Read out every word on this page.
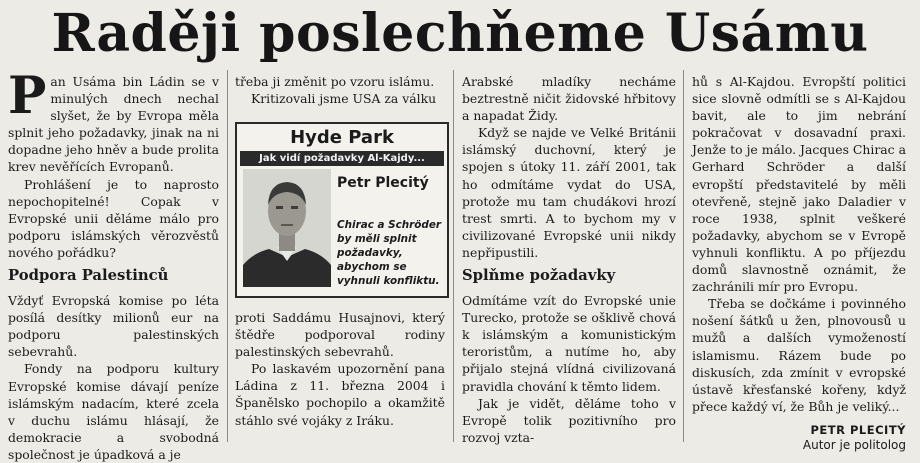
Raději poslechňeme Usámu

Pan Usáma bin Ládin se v minulých dnech nechal slyšet, že by Evropa měla splnit jeho požadavky, jinak na ni dopadne jeho hněv a bude prolita krev nevěřících Evropanů.

Prohlášení je to naprosto nepochopitelné! Copak v Evropské unii děláme málo pro podporu islámských věrozvěstů nového pořádku?

Podpora Palestinců

Vždyť Evropská komise po léta posílá desítky milionů eur na podporu palestinských sebevrahů.

Fondy na podporu kultury Evropské komise dávají peníze islámským nadacím, které zcela v duchu islámu hlásají, že demokracie a svobodná společnost je úpadková a je

třeba ji změnit po vzoru islámu.

Kritizovali jsme USA za válku

Hyde Park
Jak vidí požadavky Al-Kajdy...
Petr Plecitý
Chirac a Schröder by měli splnit požadavky, abychom se vyhnuli konfliktu.

proti Saddámu Husajnovi, který štědře podporoval rodiny palestinských sebevrahů.

Po laskavém upozornění pana Ládina z 11. března 2004 i Španělsko pochopilo a okamžitě stáhlo své vojáky z Iráku.

Arabské mladíky necháme beztrestně ničit židovské hřbitovy a napadat Židy.

Když se najde ve Velké Británii islámský duchovní, který je spojen s útoky 11. září 2001, tak ho odmítáme vydat do USA, protože mu tam chudákovi hrozí trest smrti. A to bychom my v civilizované Evropské unii nikdy nepřipustili.

Splňme požadavky

Odmítáme vzít do Evropské unie Turecko, protože se ošklivě chová k islámským a komunistickým teroristům, a nutíme ho, aby přijalo stejná vlídná civilizovaná pravidla chování k těmto lidem.

Jak je vidět, děláme toho v Evropě tolik pozitivního pro rozvoj vzta-

hů s Al-Kajdou. Evropští politici sice slovně odmítli se s Al-Kajdou bavit, ale to jim nebrání pokračovat v dosavadní praxi. Jenže to je málo. Jacques Chirac a Gerhard Schröder a další evropští představitelé by měli otevřeně, stejně jako Daladier v roce 1938, splnit veškeré požadavky, abychom se v Evropě vyhnuli konfliktu. A po příjezdu domů slavnostně oznámit, že zachránili mír pro Evropu.

Třeba se dočkáme i povinného nošení šátků u žen, plnovousů u mužů a dalších vymožeností islamismu. Rázem bude po diskusích, zda zmínit v evropské ústavě křesťanské kořeny, když přece každý ví, že Bůh je veliký...

PETR PLECITÝ
Autor je politolog
